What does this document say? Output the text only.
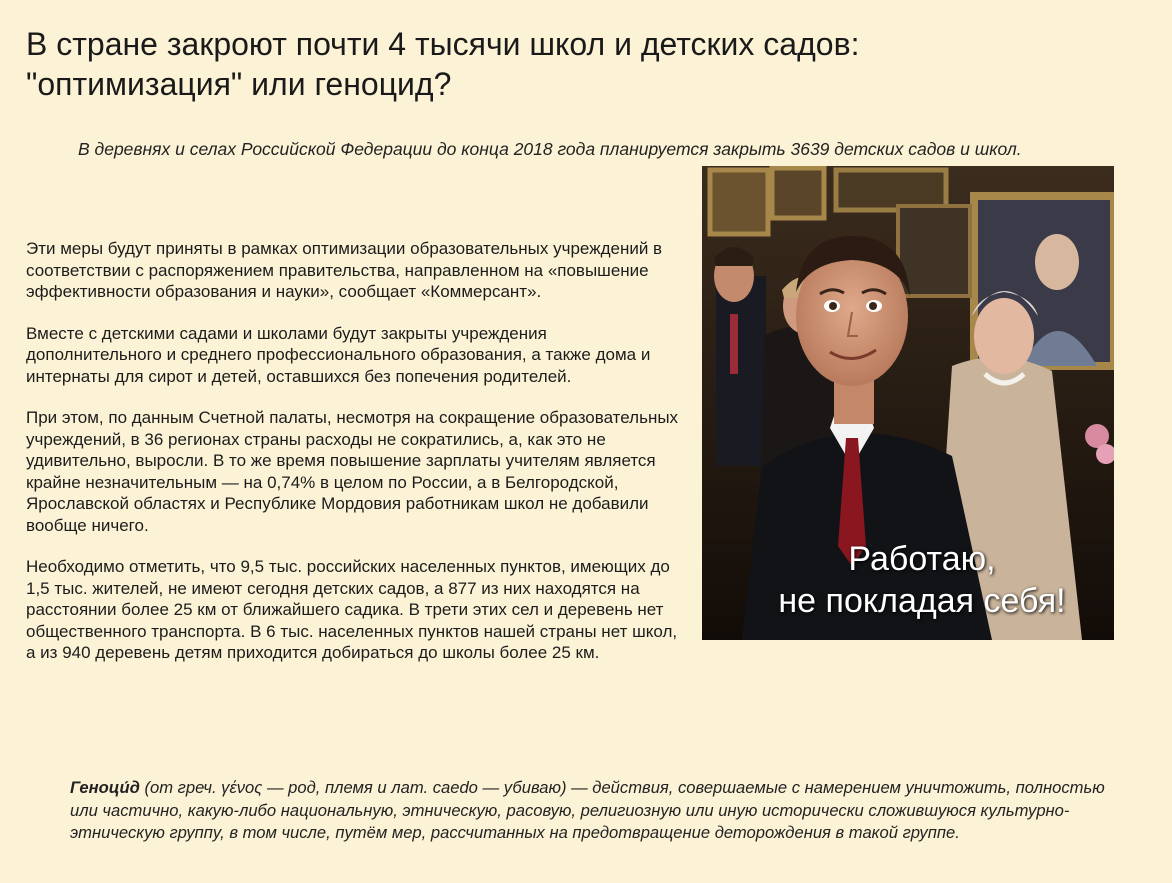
В стране закроют почти 4 тысячи школ и детских садов:
"оптимизация" или геноцид?
В деревнях и селах Российской Федерации до конца 2018 года планируется закрыть 3639 детских садов и школ.
Работаю,
не покладая себя!

Эти меры будут приняты в рамках оптимизации образовательных учреждений в соответствии с распоряжением правительства, направленном на «повышение эффективности образования и науки», сообщает «Коммерсант».

Вместе с детскими садами и школами будут закрыты учреждения дополнительного и среднего профессионального образования, а также дома и интернаты для сирот и детей, оставшихся без попечения родителей.

При этом, по данным Счетной палаты, несмотря на сокращение образовательных учреждений, в 36 регионах страны расходы не сократились, а, как это не удивительно, выросли. В то же время повышение зарплаты учителям является крайне незначительным — на 0,74% в целом по России, а в Белгородской, Ярославской областях и Республике Мордовия работникам школ не добавили вообще ничего.

Необходимо отметить, что 9,5 тыс. российских населенных пунктов, имеющих до 1,5 тыс. жителей, не имеют сегодня детских садов, а 877 из них находятся на расстоянии более 25 км от ближайшего садика. В трети этих сел и деревень нет общественного транспорта. В 6 тыс. населенных пунктов нашей страны нет школ, а из 940 деревень детям приходится добираться до школы более 25 км.

Геноци́д (от греч. γένος — род, племя и лат. caedo — убиваю) — действия, совершаемые с намерением уничтожить, полностью или частично, какую-либо национальную, этническую, расовую, религиозную или иную исторически сложившуюся культурно-этническую группу, в том числе, путём мер, рассчитанных на предотвращение деторождения в такой группе.
